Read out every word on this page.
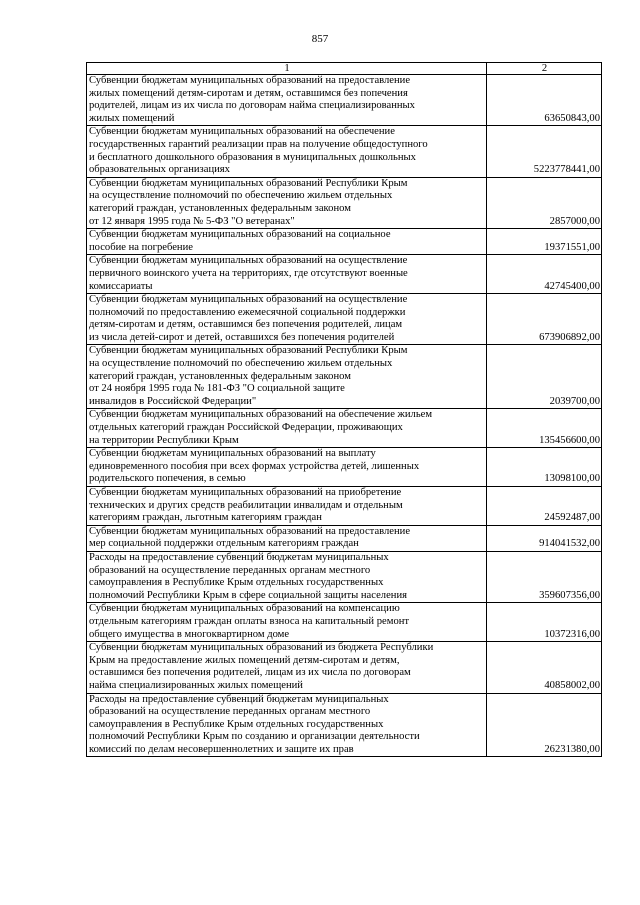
857
1	2
Субвенции бюджетам муниципальных образований на предоставление
жилых помещений детям-сиротам и детям, оставшимся без попечения
родителей, лицам из их числа по договорам найма специализированных
жилых помещений	63650843,00
Субвенции бюджетам муниципальных образований на обеспечение
государственных гарантий реализации прав на получение общедоступного
и бесплатного дошкольного образования в муниципальных дошкольных
образовательных организациях	5223778441,00
Субвенции бюджетам муниципальных образований Республики Крым
на осуществление полномочий по обеспечению жильем отдельных
категорий граждан, установленных федеральным законом
от 12 января 1995 года № 5-ФЗ "О ветеранах"	2857000,00
Субвенции бюджетам муниципальных образований на социальное
пособие на погребение	19371551,00
Субвенции бюджетам муниципальных образований на осуществление
первичного воинского учета на территориях, где отсутствуют военные
комиссариаты	42745400,00
Субвенции бюджетам муниципальных образований на осуществление
полномочий по предоставлению ежемесячной социальной поддержки
детям-сиротам и детям, оставшимся без попечения родителей, лицам
из числа детей-сирот и детей, оставшихся без попечения родителей	673906892,00
Субвенции бюджетам муниципальных образований Республики Крым
на осуществление полномочий по обеспечению жильем отдельных
категорий граждан, установленных федеральным законом
от 24 ноября 1995 года № 181-ФЗ "О социальной защите
инвалидов в Российской Федерации"	2039700,00
Субвенции бюджетам муниципальных образований на обеспечение жильем
отдельных категорий граждан Российской Федерации, проживающих
на территории Республики Крым	135456600,00
Субвенции бюджетам муниципальных образований на выплату
единовременного пособия при всех формах устройства детей, лишенных
родительского попечения, в семью	13098100,00
Субвенции бюджетам муниципальных образований на приобретение
технических и других средств реабилитации инвалидам и отдельным
категориям граждан, льготным категориям граждан	24592487,00
Субвенции бюджетам муниципальных образований на предоставление
мер социальной поддержки отдельным категориям граждан	914041532,00
Расходы на предоставление субвенций бюджетам муниципальных
образований на осуществление переданных органам местного
самоуправления в Республике Крым отдельных государственных
полномочий Республики Крым в сфере социальной защиты населения	359607356,00
Субвенции бюджетам муниципальных образований на компенсацию
отдельным категориям граждан оплаты взноса на капитальный ремонт
общего имущества в многоквартирном доме	10372316,00
Субвенции бюджетам муниципальных образований из бюджета Республики
Крым на предоставление жилых помещений детям-сиротам и детям,
оставшимся без попечения родителей, лицам из их числа по договорам
найма специализированных жилых помещений	40858002,00
Расходы на предоставление субвенций бюджетам муниципальных
образований на осуществление переданных органам местного
самоуправления в Республике Крым отдельных государственных
полномочий Республики Крым по созданию и организации деятельности
комиссий по делам несовершеннолетних и защите их прав	26231380,00
